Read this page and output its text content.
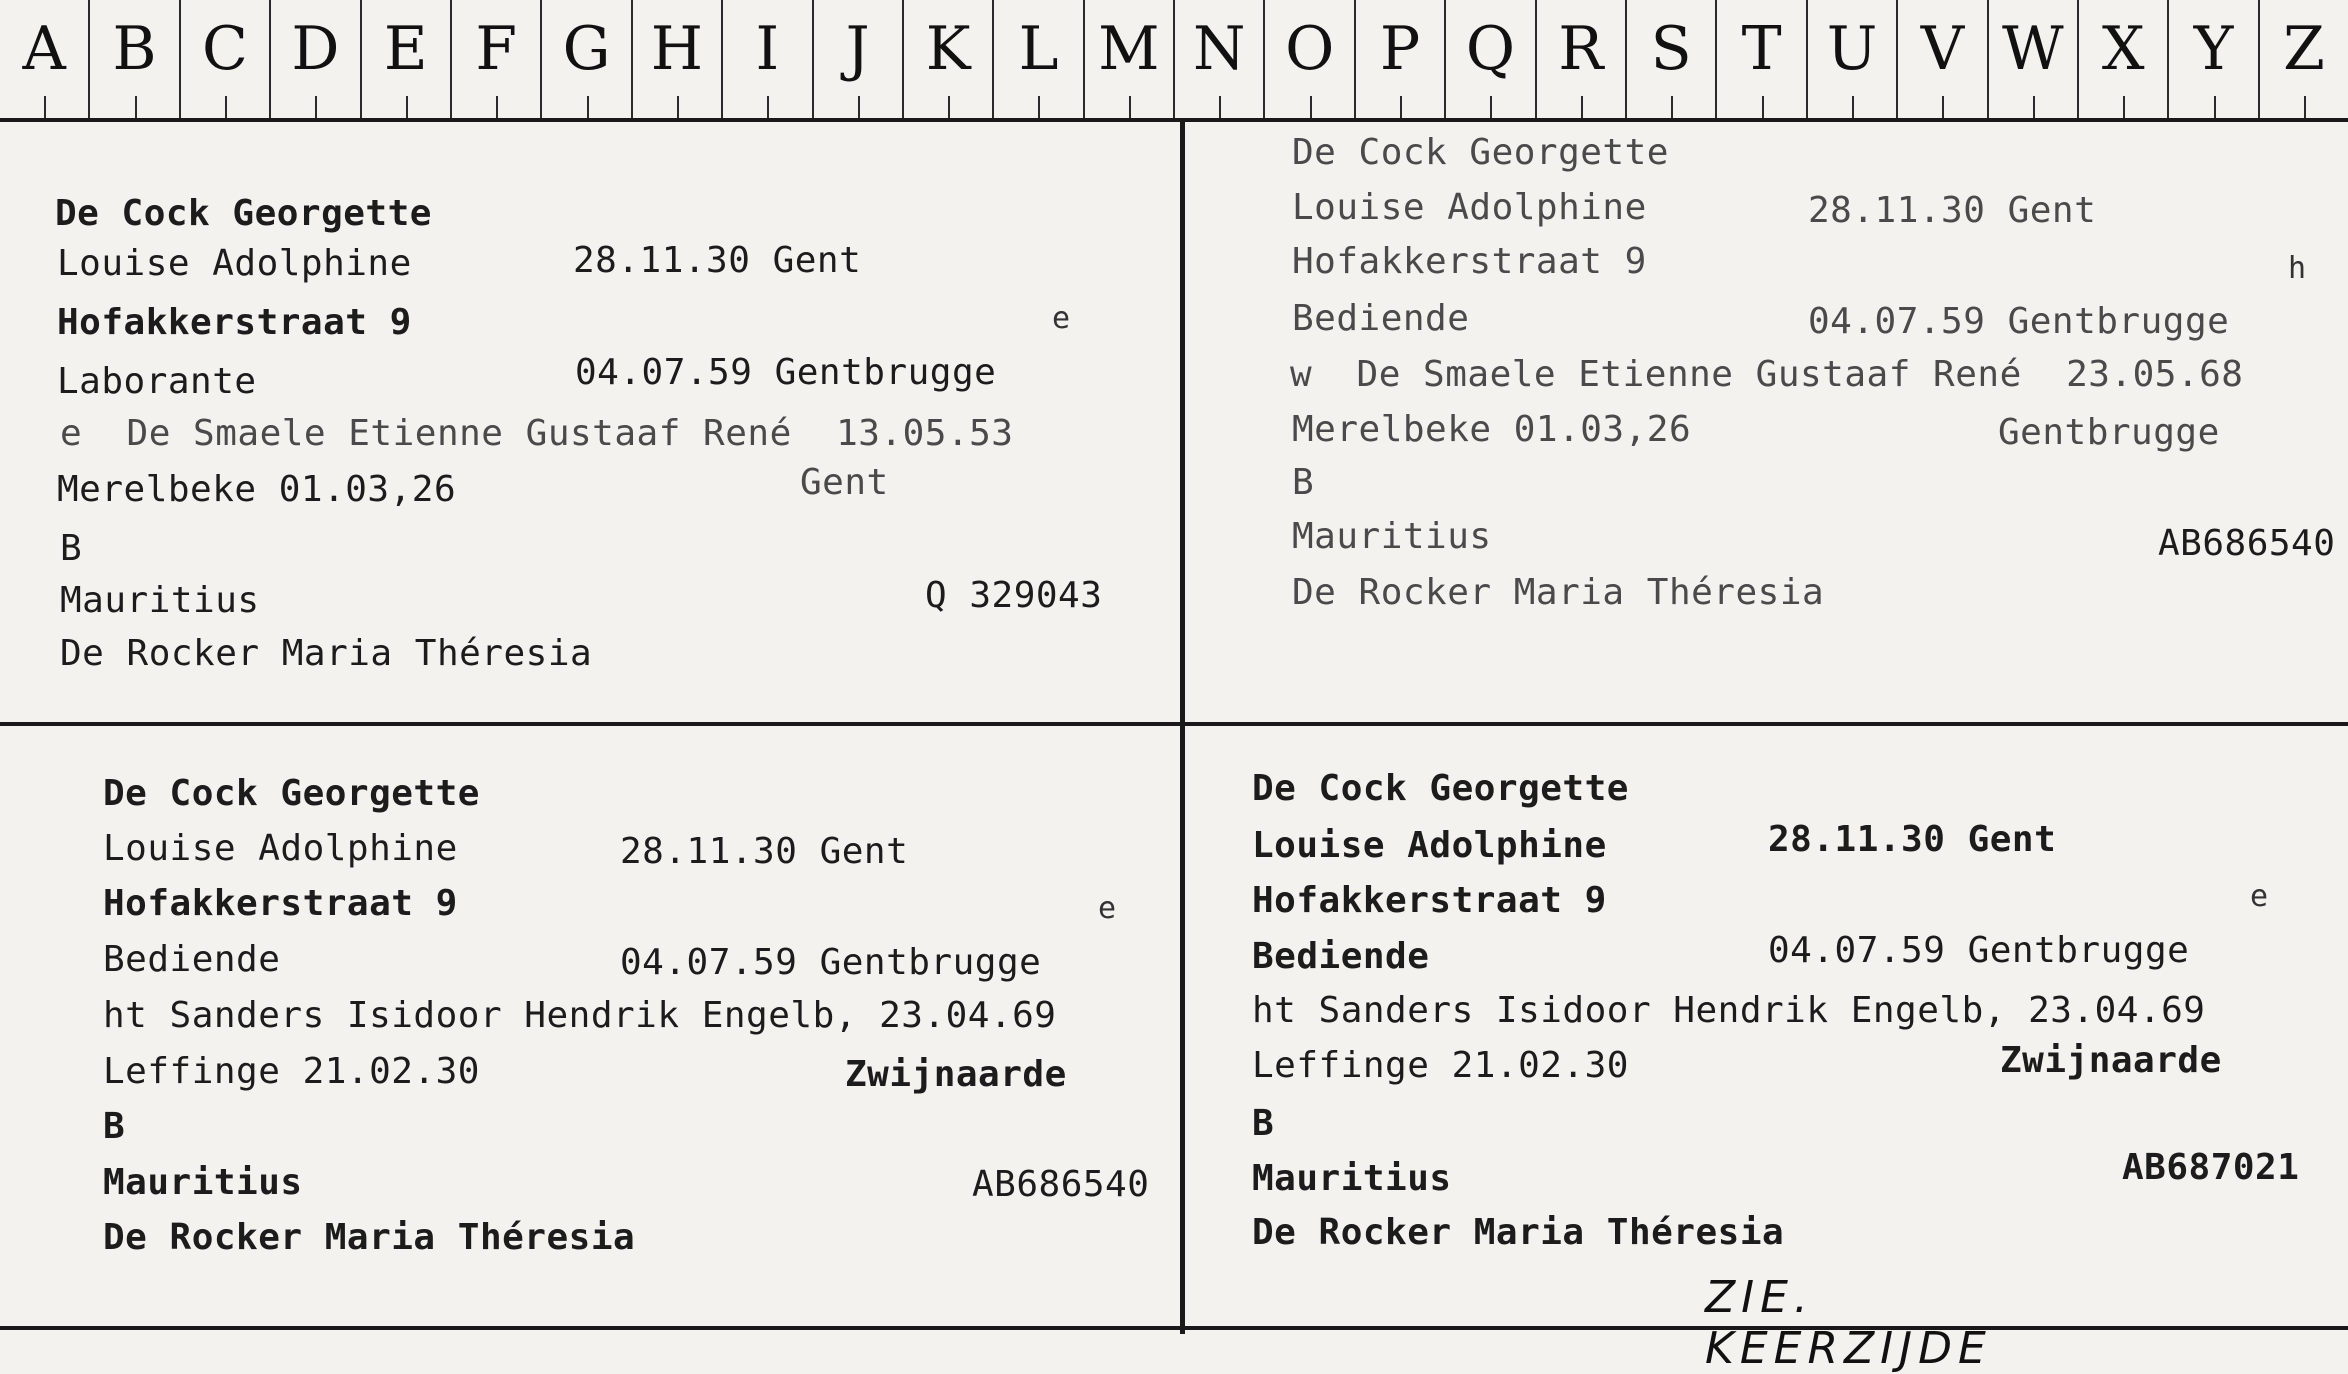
A B C D E F G H I	J K L M N O P Q R S T U V W X Y Z
De Cock Georgette
Louise Adolphine	28.11.30 Gent
Hofakkerstraat 9	e
Laborante	04.07.59 Gentbrugge
e  De Smaele Etienne Gustaaf René  13.05.53
Merelbeke 01.03,26	Gent
B
Mauritius	Q 329043
De Rocker Maria Théresia
De Cock Georgette
Louise Adolphine	28.11.30 Gent
Hofakkerstraat 9	h
Bediende	04.07.59 Gentbrugge
w  De Smaele Etienne Gustaaf René  23.05.68
Merelbeke 01.03,26	Gentbrugge
B
Mauritius	AB686540
De Rocker Maria Théresia
De Cock Georgette
Louise Adolphine	28.11.30 Gent
Hofakkerstraat 9	e
Bediende	04.07.59 Gentbrugge
ht Sanders Isidoor Hendrik Engelb, 23.04.69
Leffinge 21.02.30	Zwijnaarde
B
Mauritius	AB686540
De Rocker Maria Théresia
De Cock Georgette
Louise Adolphine	28.11.30 Gent
Hofakkerstraat 9	e
Bediende	04.07.59 Gentbrugge
ht Sanders Isidoor Hendrik Engelb, 23.04.69
Leffinge 21.02.30	Zwijnaarde
B
Mauritius	AB687021
De Rocker Maria Théresia
ZIE. KEERZIJDE
